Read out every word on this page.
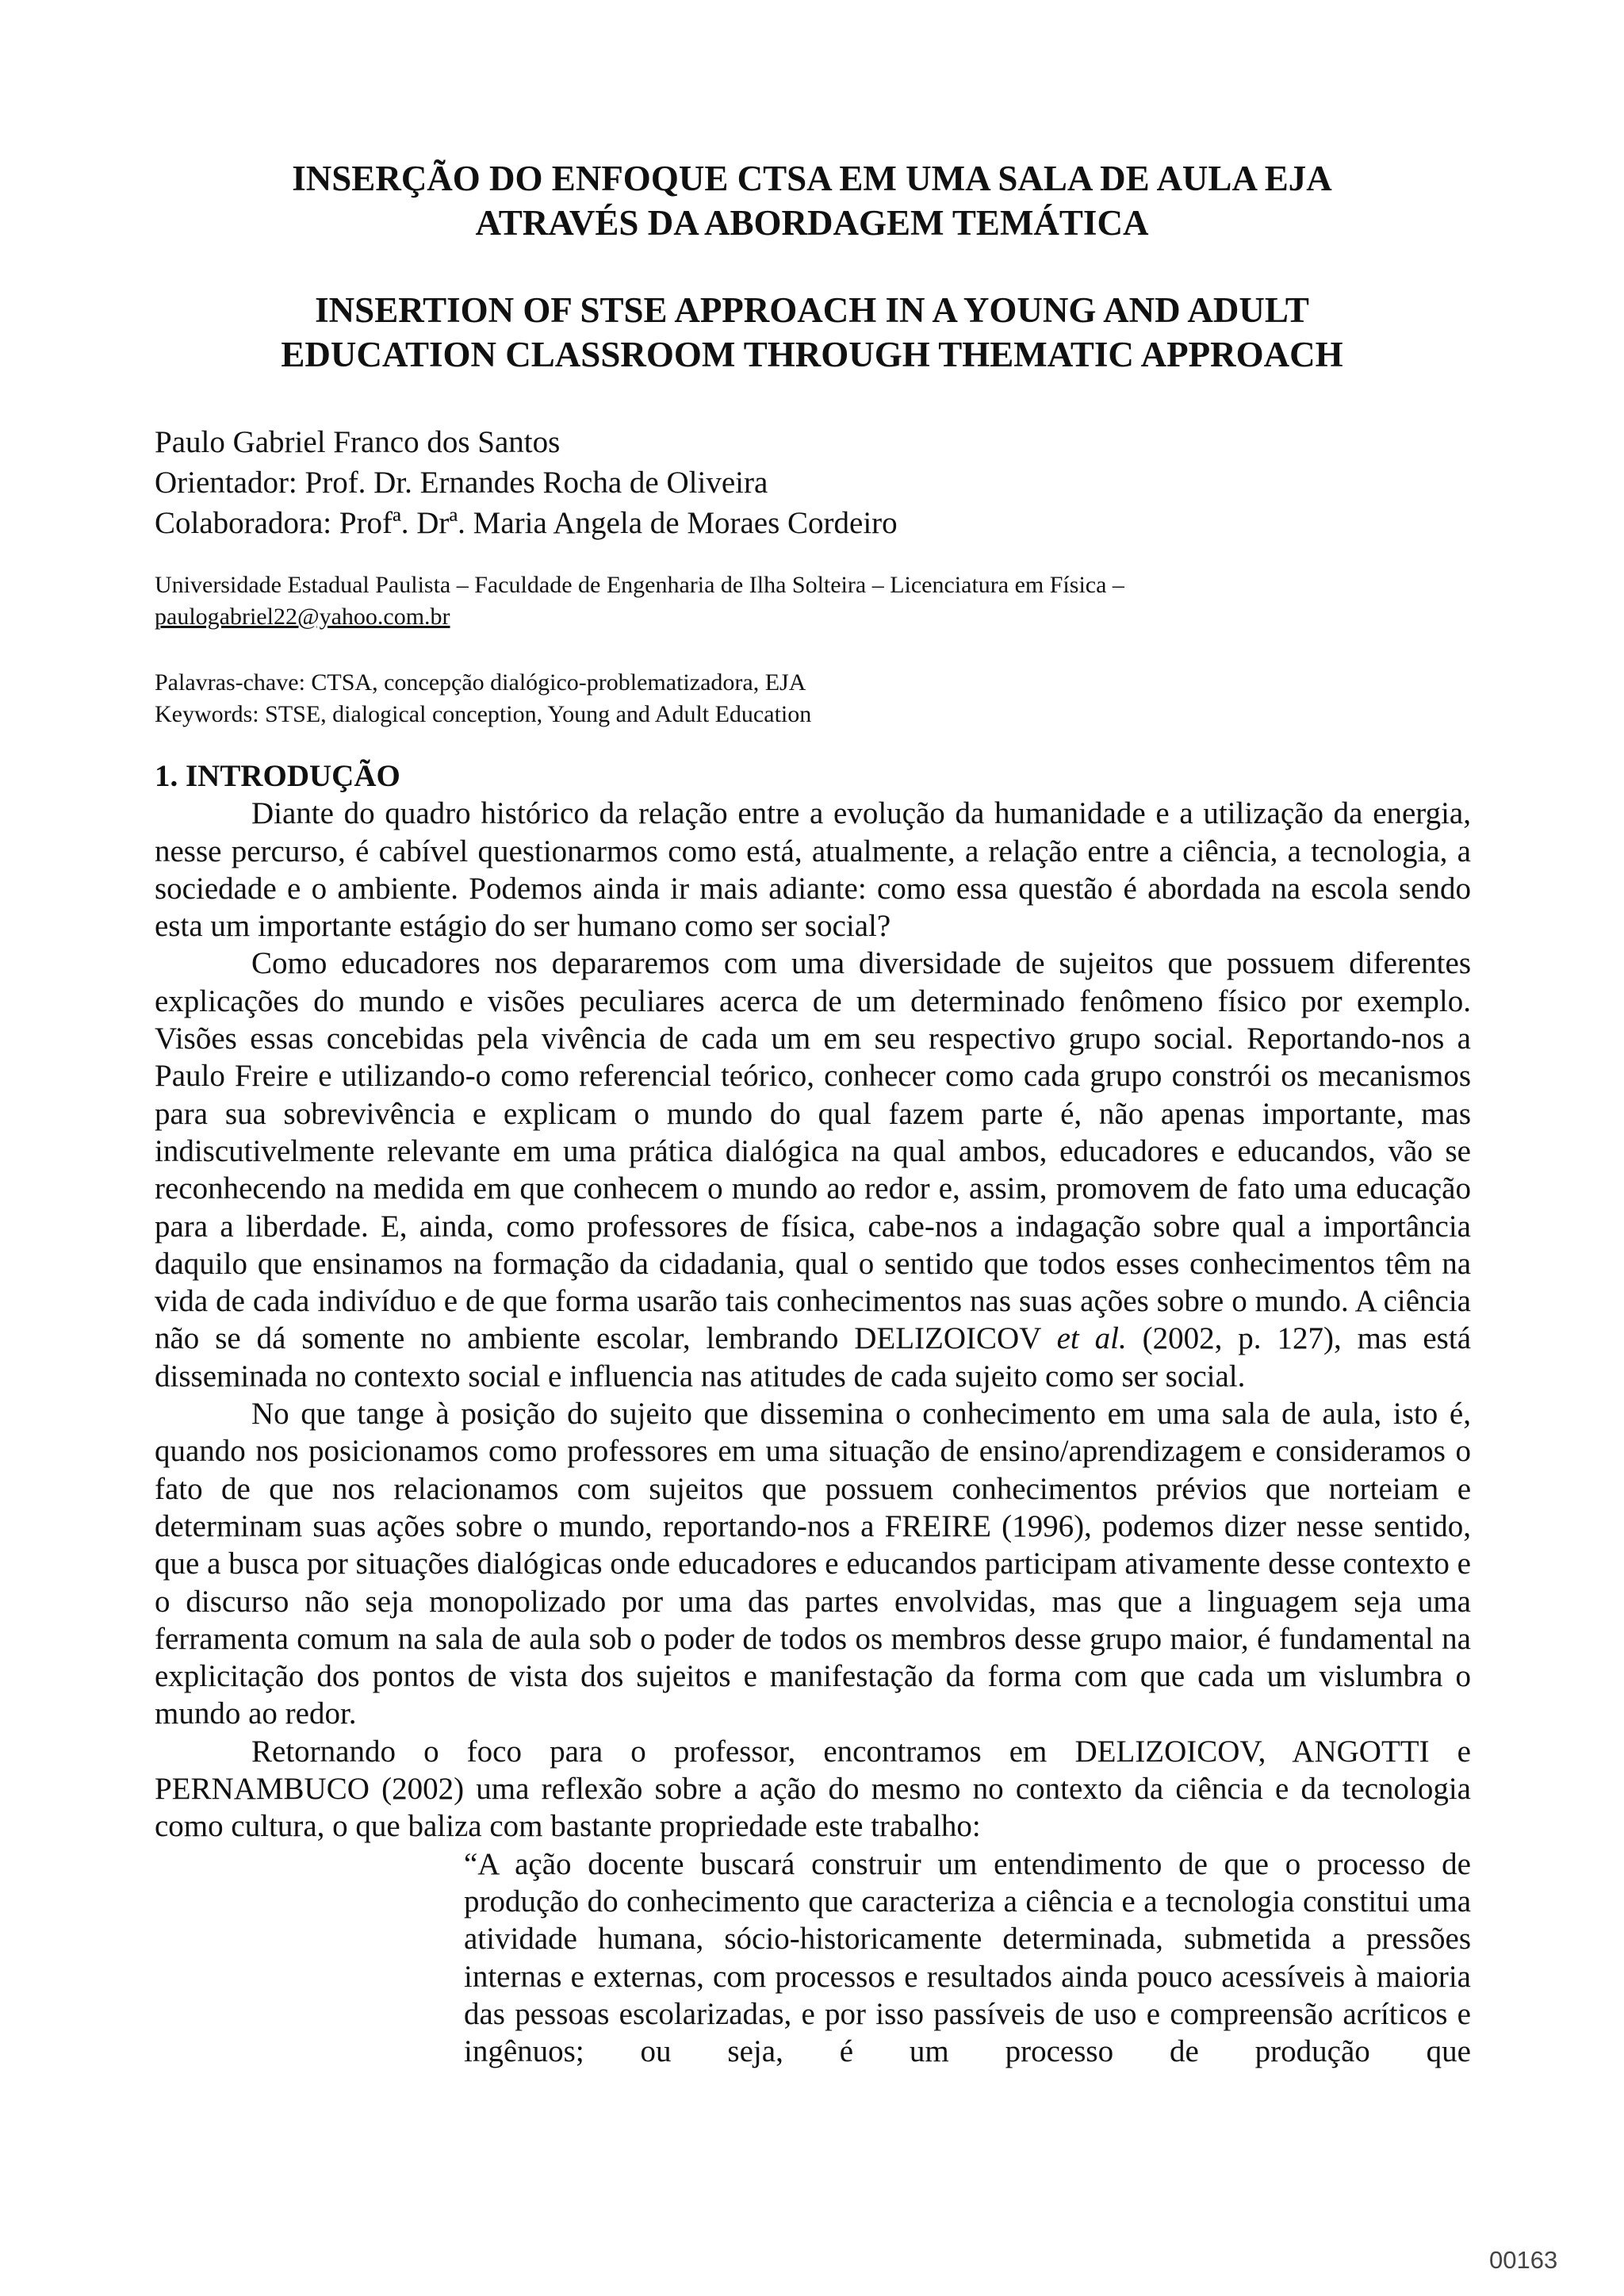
INSERÇÃO DO ENFOQUE CTSA EM UMA SALA DE AULA EJA

ATRAVÉS DA ABORDAGEM TEMÁTICA

INSERTION OF STSE APPROACH IN A YOUNG AND ADULT

EDUCATION CLASSROOM THROUGH THEMATIC APPROACH

Paulo Gabriel Franco dos Santos
Orientador: Prof. Dr. Ernandes Rocha de Oliveira
Colaboradora: Profª. Drª. Maria Angela de Moraes Cordeiro
Universidade Estadual Paulista – Faculdade de Engenharia de Ilha Solteira – Licenciatura em Física –
paulogabriel22@yahoo.com.br
Palavras-chave: CTSA, concepção dialógico-problematizadora, EJA
Keywords: STSE, dialogical conception, Young and Adult Education

1. INTRODUÇÃO

Diante do quadro histórico da relação entre a evolução da humanidade e a utilização da energia, nesse percurso, é cabível questionarmos como está, atualmente, a relação entre a ciência, a tecnologia, a sociedade e o ambiente. Podemos ainda ir mais adiante: como essa questão é abordada na escola sendo esta um importante estágio do ser humano como ser social?

Como educadores nos depararemos com uma diversidade de sujeitos que possuem diferentes explicações do mundo e visões peculiares acerca de um determinado fenômeno físico por exemplo. Visões essas concebidas pela vivência de cada um em seu respectivo grupo social. Reportando-nos a Paulo Freire e utilizando-o como referencial teórico, conhecer como cada grupo constrói os mecanismos para sua sobrevivência e explicam o mundo do qual fazem parte é, não apenas importante, mas indiscutivelmente relevante em uma prática dialógica na qual ambos, educadores e educandos, vão se reconhecendo na medida em que conhecem o mundo ao redor e, assim, promovem de fato uma educação para a liberdade. E, ainda, como professores de física, cabe-nos a indagação sobre qual a importância daquilo que ensinamos na formação da cidadania, qual o sentido que todos esses conhecimentos têm na vida de cada indivíduo e de que forma usarão tais conhecimentos nas suas ações sobre o mundo. A ciência não se dá somente no ambiente escolar, lembrando DELIZOICOV et al. (2002, p. 127), mas está disseminada no contexto social e influencia nas atitudes de cada sujeito como ser social.

No que tange à posição do sujeito que dissemina o conhecimento em uma sala de aula, isto é, quando nos posicionamos como professores em uma situação de ensino/aprendizagem e consideramos o fato de que nos relacionamos com sujeitos que possuem conhecimentos prévios que norteiam e determinam suas ações sobre o mundo, reportando-nos a FREIRE (1996), podemos dizer nesse sentido, que a busca por situações dialógicas onde educadores e educandos participam ativamente desse contexto e o discurso não seja monopolizado por uma das partes envolvidas, mas que a linguagem seja uma ferramenta comum na sala de aula sob o poder de todos os membros desse grupo maior, é fundamental na explicitação dos pontos de vista dos sujeitos e manifestação da forma com que cada um vislumbra o mundo ao redor.

Retornando o foco para o professor, encontramos em DELIZOICOV, ANGOTTI e PERNAMBUCO (2002) uma reflexão sobre a ação do mesmo no contexto da ciência e da tecnologia como cultura, o que baliza com bastante propriedade este trabalho:

“A ação docente buscará construir um entendimento de que o processo de produção do conhecimento que caracteriza a ciência e a tecnologia constitui uma atividade humana, sócio-historicamente determinada, submetida a pressões internas e externas, com processos e resultados ainda pouco acessíveis à maioria das pessoas escolarizadas, e por isso passíveis de uso e compreensão acríticos e ingênuos; ou seja, é um processo de produção que

00163
